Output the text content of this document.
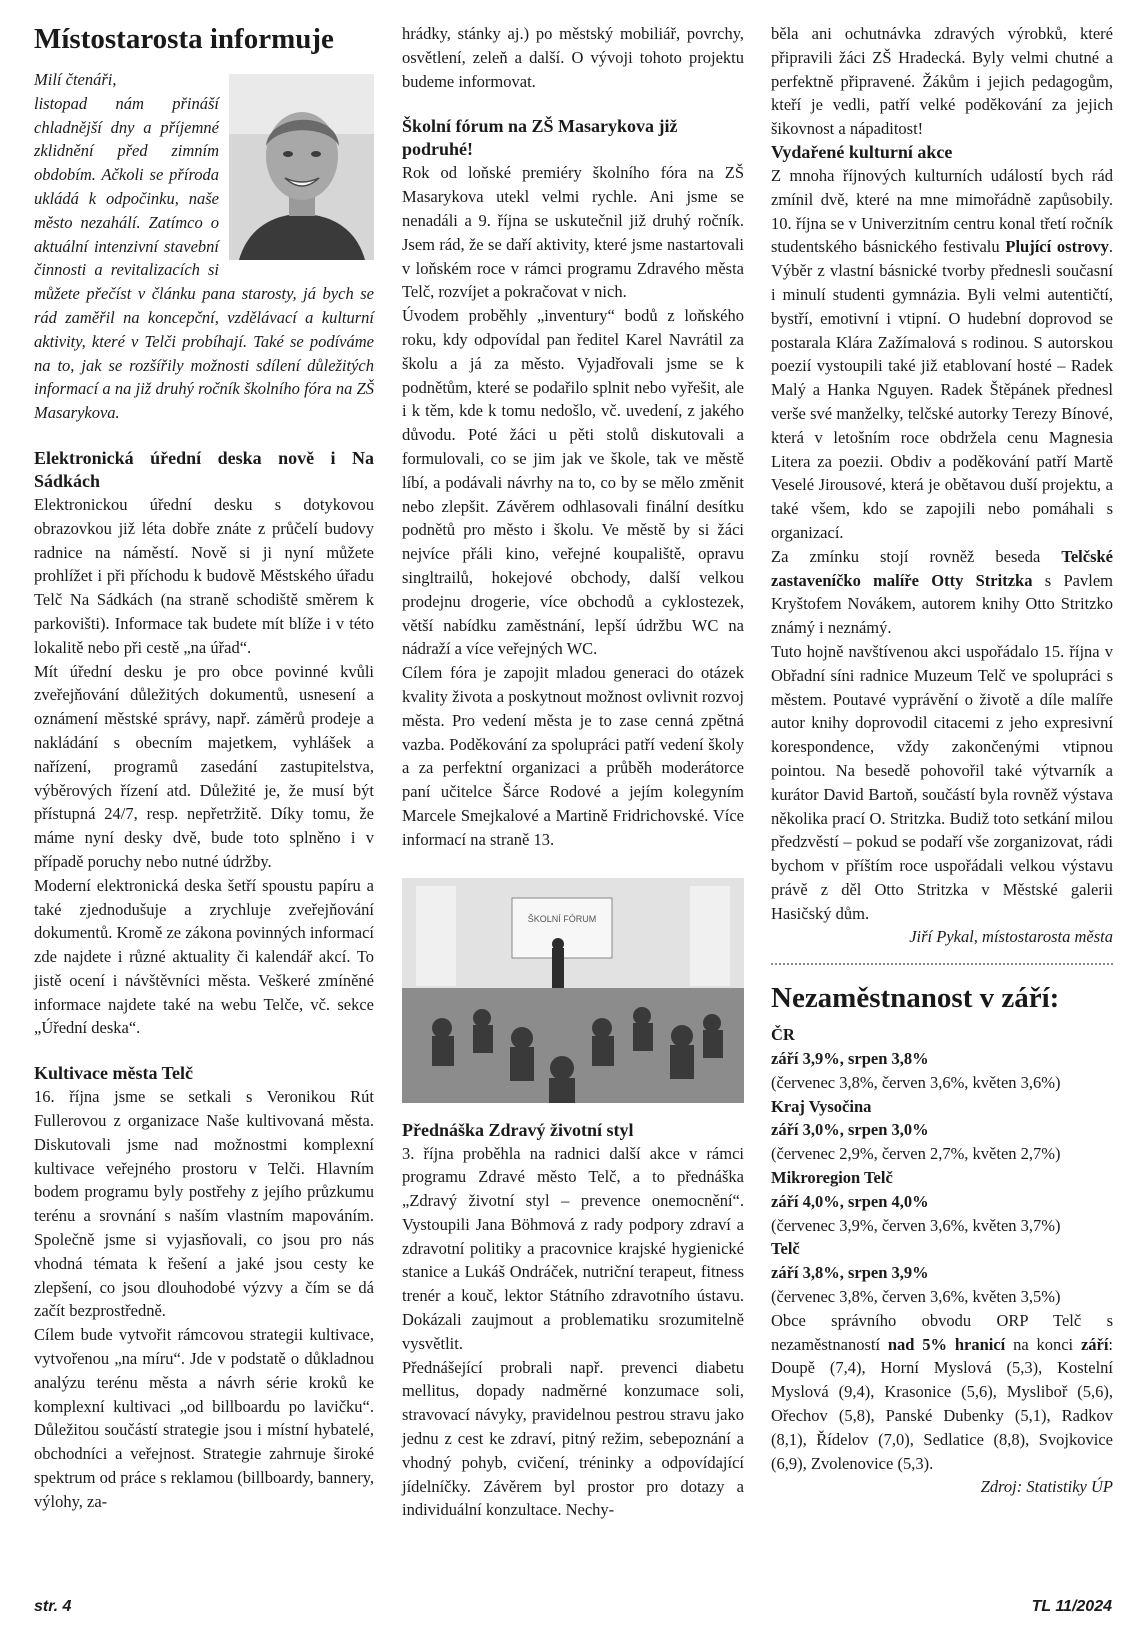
Místostarosta informuje

Milí čtenáři,

listopad nám přináší chladnější dny a příjemné zklidnění před zimním obdobím. Ačkoli se příroda ukládá k odpočinku, naše město nezahálí. Zatímco o aktuální intenzivní stavební činnosti a revitalizacích si můžete přečíst v článku pana starosty, já bych se rád zaměřil na koncepční, vzdělávací a kulturní aktivity, které v Telči probíhají. Také se podíváme na to, jak se rozšířily možnosti sdílení důležitých informací a na již druhý ročník školního fóra na ZŠ Masarykova.

Elektronická úřední deska nově i Na Sádkách

Elektronickou úřední desku s dotykovou obrazovkou již léta dobře znáte z průčelí budovy radnice na náměstí. Nově si ji nyní můžete prohlížet i při příchodu k budově Městského úřadu Telč Na Sádkách (na straně schodiště směrem k parkovišti). Informace tak budete mít blíže i v této lokalitě nebo při cestě „na úřad“.

Mít úřední desku je pro obce povinné kvůli zveřejňování důležitých dokumentů, usnesení a oznámení městské správy, např. záměrů prodeje a nakládání s obecním majetkem, vyhlášek a nařízení, programů zasedání zastupitelstva, výběrových řízení atd. Důležité je, že musí být přístupná 24/7, resp. nepřetržitě. Díky tomu, že máme nyní desky dvě, bude toto splněno i v případě poruchy nebo nutné údržby.

Moderní elektronická deska šetří spoustu papíru a také zjednodušuje a zrychluje zveřejňování dokumentů. Kromě ze zákona povinných informací zde najdete i různé aktuality či kalendář akcí. To jistě ocení i návštěvníci města. Veškeré zmíněné informace najdete také na webu Telče, vč. sekce „Úřední deska“.

Kultivace města Telč

16. října jsme se setkali s Veronikou Rút Fullerovou z organizace Naše kultivovaná města. Diskutovali jsme nad možnostmi komplexní kultivace veřejného prostoru v Telči. Hlavním bodem programu byly postřehy z jejího průzkumu terénu a srovnání s naším vlastním mapováním. Společně jsme si vyjasňovali, co jsou pro nás vhodná témata k řešení a jaké jsou cesty ke zlepšení, co jsou dlouhodobé výzvy a čím se dá začít bezprostředně.

Cílem bude vytvořit rámcovou strategii kultivace, vytvořenou „na míru“. Jde v podstatě o důkladnou analýzu terénu města a návrh série kroků ke komplexní kultivaci „od billboardu po lavičku“. Důležitou součástí strategie jsou i místní hybatelé, obchodníci a veřejnost. Strategie zahrnuje široké spektrum od práce s reklamou (billboardy, bannery, výlohy, za-

hrádky, stánky aj.) po městský mobiliář, povrchy, osvětlení, zeleň a další. O vývoji tohoto projektu budeme informovat.

Školní fórum na ZŠ Masarykova již podruhé!

Rok od loňské premiéry školního fóra na ZŠ Masarykova utekl velmi rychle. Ani jsme se nenadáli a 9. října se uskutečnil již druhý ročník. Jsem rád, že se daří aktivity, které jsme nastartovali v loňském roce v rámci programu Zdravého města Telč, rozvíjet a pokračovat v nich.

Úvodem proběhly „inventury“ bodů z loňského roku, kdy odpovídal pan ředitel Karel Navrátil za školu a já za město. Vyjadřovali jsme se k podnětům, které se podařilo splnit nebo vyřešit, ale i k těm, kde k tomu nedošlo, vč. uvedení, z jakého důvodu. Poté žáci u pěti stolů diskutovali a formulovali, co se jim jak ve škole, tak ve městě líbí, a podávali návrhy na to, co by se mělo změnit nebo zlepšit. Závěrem odhlasovali finální desítku podnětů pro město i školu. Ve městě by si žáci nejvíce přáli kino, veřejné koupaliště, opravu singltrailů, hokejové obchody, další velkou prodejnu drogerie, více obchodů a cyklostezek, větší nabídku zaměstnání, lepší údržbu WC na nádraží a více veřejných WC.

Cílem fóra je zapojit mladou generaci do otázek kvality života a poskytnout možnost ovlivnit rozvoj města. Pro vedení města je to zase cenná zpětná vazba. Poděkování za spolupráci patří vedení školy a za perfektní organizaci a průběh moderátorce paní učitelce Šárce Rodové a jejím kolegyním Marcele Smejkalové a Martině Fridrichovské. Více informací na straně 13.

ŠKOLNÍ FÓRUM
Přednáška Zdravý životní styl

3. října proběhla na radnici další akce v rámci programu Zdravé město Telč, a to přednáška „Zdravý životní styl – prevence onemocnění“. Vystoupili Jana Böhmová z rady podpory zdraví a zdravotní politiky a pracovnice krajské hygienické stanice a Lukáš Ondráček, nutriční terapeut, fitness trenér a kouč, lektor Státního zdravotního ústavu. Dokázali zaujmout a problematiku srozumitelně vysvětlit.

Přednášející probrali např. prevenci diabetu mellitus, dopady nadměrné konzumace soli, stravovací návyky, pravidelnou pestrou stravu jako jednu z cest ke zdraví, pitný režim, sebepoznání a vhodný pohyb, cvičení, tréninky a odpovídající jídelníčky. Závěrem byl prostor pro dotazy a individuální konzultace. Nechy-

běla ani ochutnávka zdravých výrobků, které připravili žáci ZŠ Hradecká. Byly velmi chutné a perfektně připravené. Žákům i jejich pedagogům, kteří je vedli, patří velké poděkování za jejich šikovnost a nápaditost!

Vydařené kulturní akce

Z mnoha říjnových kulturních událostí bych rád zmínil dvě, které na mne mimořádně zapůsobily. 10. října se v Univerzitním centru konal třetí ročník studentského básnického festivalu Plující ostrovy. Výběr z vlastní básnické tvorby přednesli současní i minulí studenti gymnázia. Byli velmi autentičtí, bystří, emotivní i vtipní. O hudební doprovod se postarala Klára Zažímalová s rodinou. S autorskou poezií vystoupili také již etablovaní hosté – Radek Malý a Hanka Nguyen. Radek Štěpánek přednesl verše své manželky, telčské autorky Terezy Bínové, která v letošním roce obdržela cenu Magnesia Litera za poezii. Obdiv a poděkování patří Martě Veselé Jirousové, která je obětavou duší projektu, a také všem, kdo se zapojili nebo pomáhali s organizací.

Za zmínku stojí rovněž beseda Telčské zastaveníčko malíře Otty Stritzka s Pavlem Kryštofem Novákem, autorem knihy Otto Stritzko známý i neznámý.

Tuto hojně navštívenou akci uspořádalo 15. října v Obřadní síni radnice Muzeum Telč ve spolupráci s městem. Poutavé vyprávění o životě a díle malíře autor knihy doprovodil citacemi z jeho expresivní korespondence, vždy zakončenými vtipnou pointou. Na besedě pohovořil také výtvarník a kurátor David Bartoň, součástí byla rovněž výstava několika prací O. Stritzka. Budiž toto setkání milou předzvěstí – pokud se podaří vše zorganizovat, rádi bychom v příštím roce uspořádali velkou výstavu právě z děl Otto Stritzka v Městské galerii Hasičský dům.

Jiří Pykal, místostarosta města

Nezaměstnanost v září:

ČR

září 3,9%, srpen 3,8%

(červenec 3,8%, červen 3,6%, květen 3,6%)

Kraj Vysočina

září 3,0%, srpen 3,0%

(červenec 2,9%, červen 2,7%, květen 2,7%)

Mikroregion Telč

září 4,0%, srpen 4,0%

(červenec 3,9%, červen 3,6%, květen 3,7%)

Telč

září 3,8%, srpen 3,9%

(červenec 3,8%, červen 3,6%, květen 3,5%)

Obce správního obvodu ORP Telč s nezaměstnaností nad 5% hranicí na konci září: Doupě (7,4), Horní Myslová (5,3), Kostelní Myslová (9,4), Krasonice (5,6), Mysliboř (5,6), Ořechov (5,8), Panské Dubenky (5,1), Radkov (8,1), Řídelov (7,0), Sedlatice (8,8), Svojkovice (6,9), Zvolenovice (5,3).

Zdroj: Statistiky ÚP

str. 4	TL 11/2024
